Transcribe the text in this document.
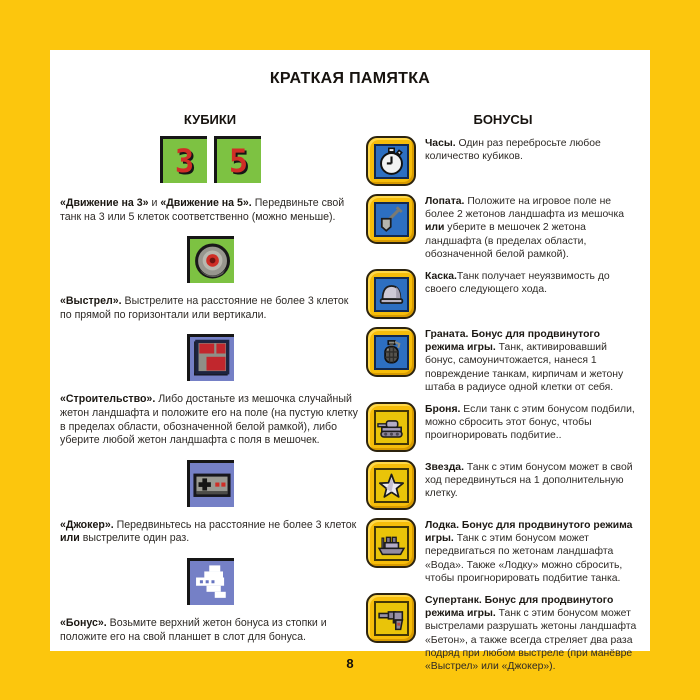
КРАТКАЯ ПАМЯТКА
КУБИКИ
3 5

«Движение на 3» и «Движение на 5». Передвиньте свой танк на 3 или 5 клеток соответственно (можно меньше).

«Выстрел». Выстрелите на расстояние не более 3 клеток по прямой по горизонтали или вертикали.

«Строительство». Либо достаньте из мешочка случайный жетон ландшафта и положите его на поле (на пустую клетку в пределах области, обозначенной белой рамкой), либо уберите любой жетон ландшафта с поля в мешочек.

«Джокер». Передвиньтесь на расстояние не более 3 клеток или выстрелите один раз.

«Бонус». Возьмите верхний жетон бонуса из стопки и положите его на свой планшет в слот для бонуса.

БОНУСЫ

Часы. Один раз перебросьте любое количество кубиков.

Лопата. Положите на игровое поле не более 2 жетонов ландшафта из мешочка или уберите в мешочек 2 жетона ландшафта (в пределах области, обозначенной белой рамкой).

Каска.Танк получает неуязвимость до своего следующего хода.

Граната. Бонус для продвинутого режима игры. Танк, активировавший бонус, самоуничтожается, нанеся 1 повреждение танкам, кирпичам и жетону штаба в радиусе одной клетки от себя.

Броня. Если танк с этим бонусом подбили, можно сбросить этот бонус, чтобы проигнорировать подбитие..

Звезда. Танк с этим бонусом может в свой ход передвинуться на 1 дополнительную клетку.

Лодка. Бонус для продвинутого режима игры. Танк с этим бонусом может передвигаться по жетонам ландшафта «Вода». Также «Лодку» можно сбросить, чтобы проигнорировать подбитие танка.

Супертанк. Бонус для продвинутого режима игры. Танк с этим бонусом может выстрелами разрушать жетоны ландшафта «Бетон», а также всегда стреляет два раза подряд при любом выстреле (при манёвре «Выстрел» или «Джокер»).

8
